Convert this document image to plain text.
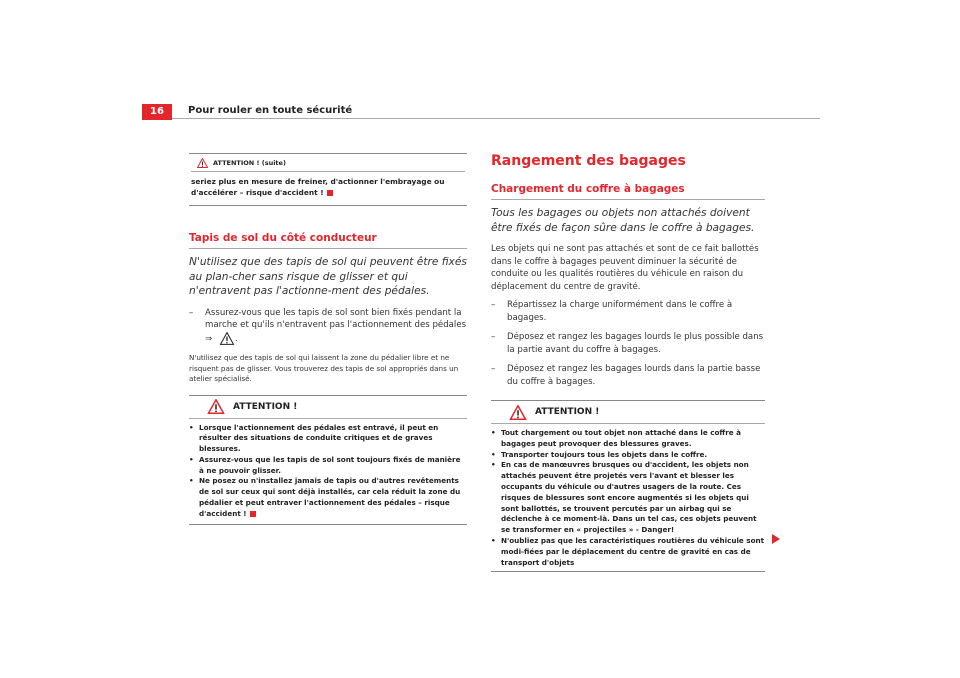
16	Pour rouler en toute sécurité
ATTENTION ! (suite)
seriez plus en mesure de freiner, d'actionner l'embrayage ou d'accélérer – risque d'accident !
Tapis de sol du côté conducteur
N'utilisez que des tapis de sol qui peuvent être fixés au plan-cher sans risque de glisser et qui n'entravent pas l'actionne-ment des pédales.
–	Assurez-vous que les tapis de sol sont bien fixés pendant la marche et qu'ils n'entravent pas l'actionnement des pédales
⇒	.
N'utilisez que des tapis de sol qui laissent la zone du pédalier libre et ne risquent pas de glisser. Vous trouverez des tapis de sol appropriés dans un atelier spécialisé.
ATTENTION !
• Lorsque l'actionnement des pédales est entravé, il peut en résulter des situations de conduite critiques et de graves blessures.
• Assurez-vous que les tapis de sol sont toujours fixés de manière à ne pouvoir glisser.
• Ne posez ou n'installez jamais de tapis ou d'autres revêtements de sol sur ceux qui sont déjà installés, car cela réduit la zone du pédalier et peut entraver l'actionnement des pédales – risque d'accident !
Rangement des bagages
Chargement du coffre à bagages
Tous les bagages ou objets non attachés doivent être fixés de façon sûre dans le coffre à bagages.
Les objets qui ne sont pas attachés et sont de ce fait ballottés dans le coffre à bagages peuvent diminuer la sécurité de conduite ou les qualités routières du véhicule en raison du déplacement du centre de gravité.
–	Répartissez la charge uniformément dans le coffre à bagages.
–	Déposez et rangez les bagages lourds le plus possible dans la partie avant du coffre à bagages.
–	Déposez et rangez les bagages lourds dans la partie basse du coffre à bagages.
ATTENTION !
• Tout chargement ou tout objet non attaché dans le coffre à bagages peut provoquer des blessures graves.
• Transporter toujours tous les objets dans le coffre.
• En cas de manœuvres brusques ou d'accident, les objets non attachés peuvent être projetés vers l'avant et blesser les occupants du véhicule ou d'autres usagers de la route. Ces risques de blessures sont encore augmentés si les objets qui sont ballottés, se trouvent percutés par un airbag qui se déclenche à ce moment-là. Dans un tel cas, ces objets peuvent se transformer en « projectiles » - Danger!
• N'oubliez pas que les caractéristiques routières du véhicule sont modi-fiées par le déplacement du centre de gravité en cas de transport d'objets
